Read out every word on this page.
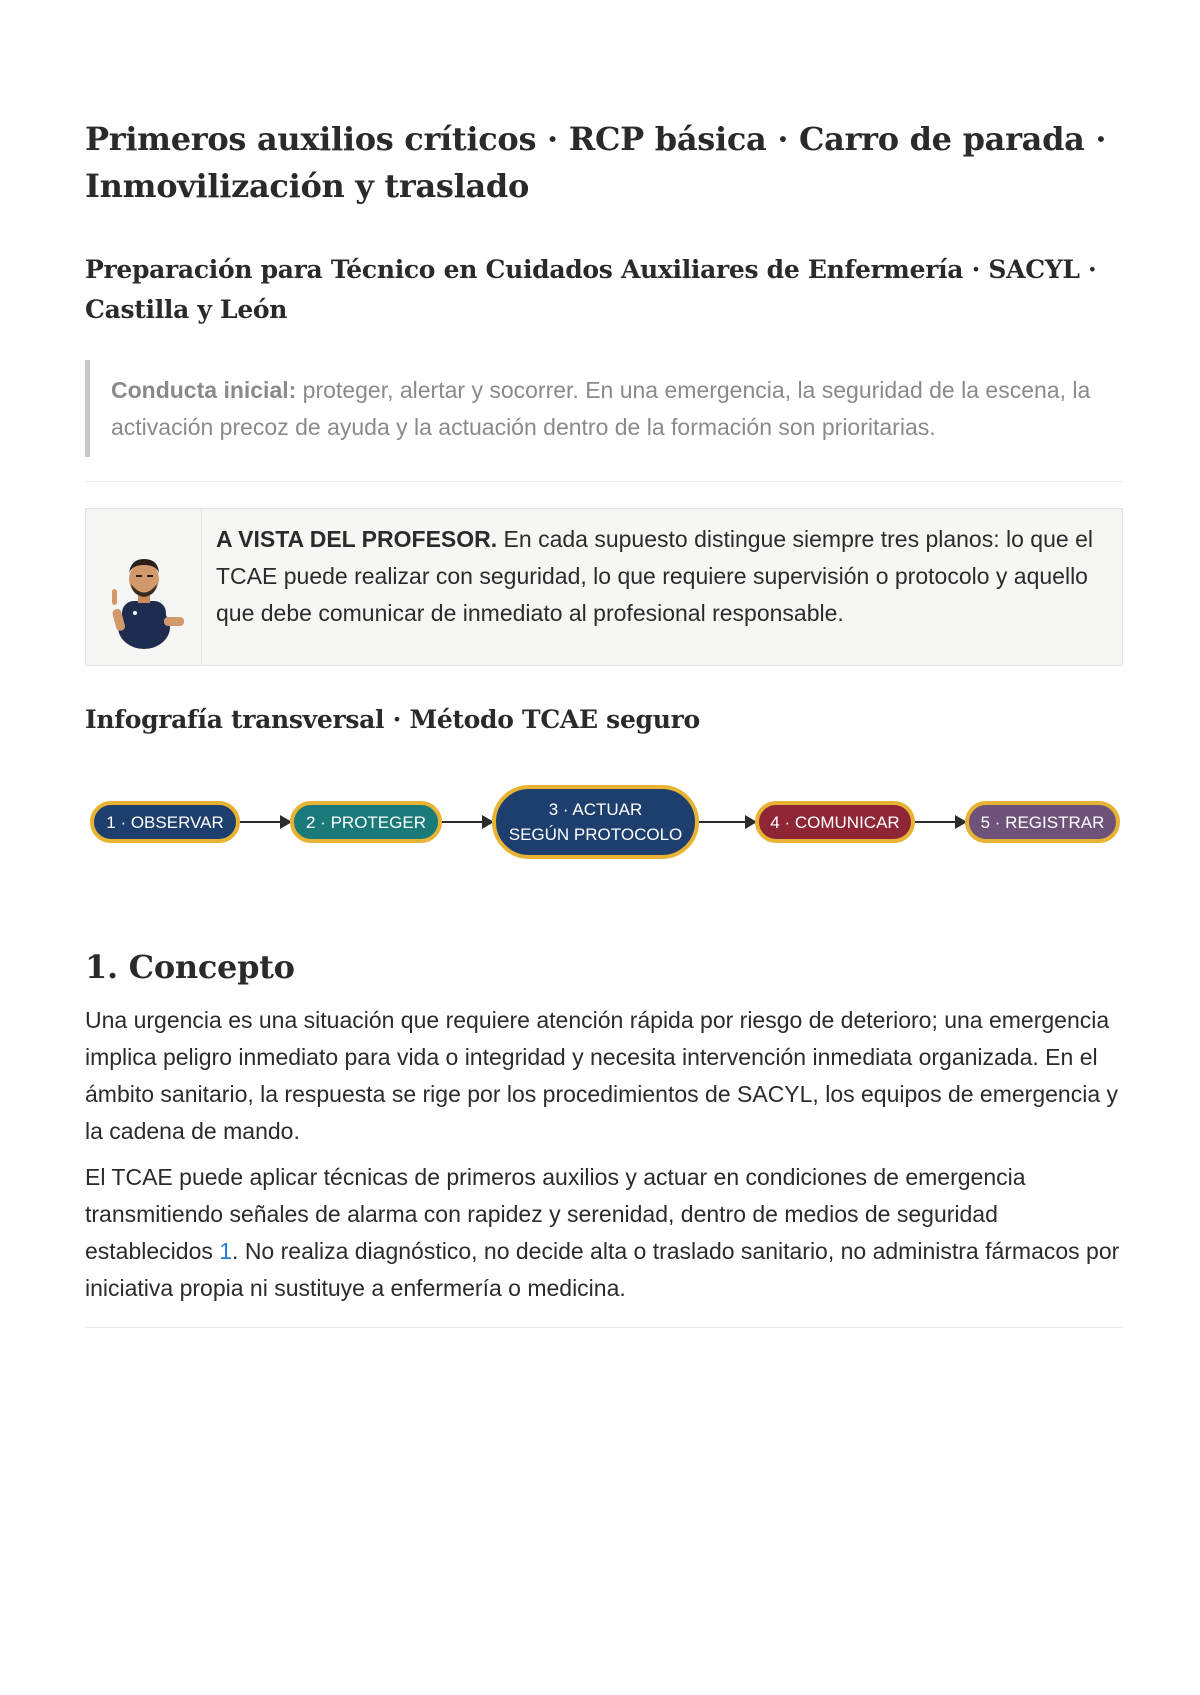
Primeros auxilios críticos · RCP básica · Carro de parada · Inmovilización y traslado
Preparación para Técnico en Cuidados Auxiliares de Enfermería · SACYL · Castilla y León
Conducta inicial: proteger, alertar y socorrer. En una emergencia, la seguridad de la escena, la activación precoz de ayuda y la actuación dentro de la formación son prioritarias.
A VISTA DEL PROFESOR. En cada supuesto distingue siempre tres planos: lo que el TCAE puede realizar con seguridad, lo que requiere supervisión o protocolo y aquello que debe comunicar de inmediato al profesional responsable.
Infografía transversal · Método TCAE seguro
1 · OBSERVAR	2 · PROTEGER
3 · ACTUAR
SEGÚN PROTOCOLO
4 · COMUNICAR	5 · REGISTRAR
1. Concepto

Una urgencia es una situación que requiere atención rápida por riesgo de deterioro; una emergencia implica peligro inmediato para vida o integridad y necesita intervención inmediata organizada. En el ámbito sanitario, la respuesta se rige por los procedimientos de SACYL, los equipos de emergencia y la cadena de mando.

El TCAE puede aplicar técnicas de primeros auxilios y actuar en condiciones de emergencia transmitiendo señales de alarma con rapidez y serenidad, dentro de medios de seguridad establecidos 1. No realiza diagnóstico, no decide alta o traslado sanitario, no administra fármacos por iniciativa propia ni sustituye a enfermería o medicina.
